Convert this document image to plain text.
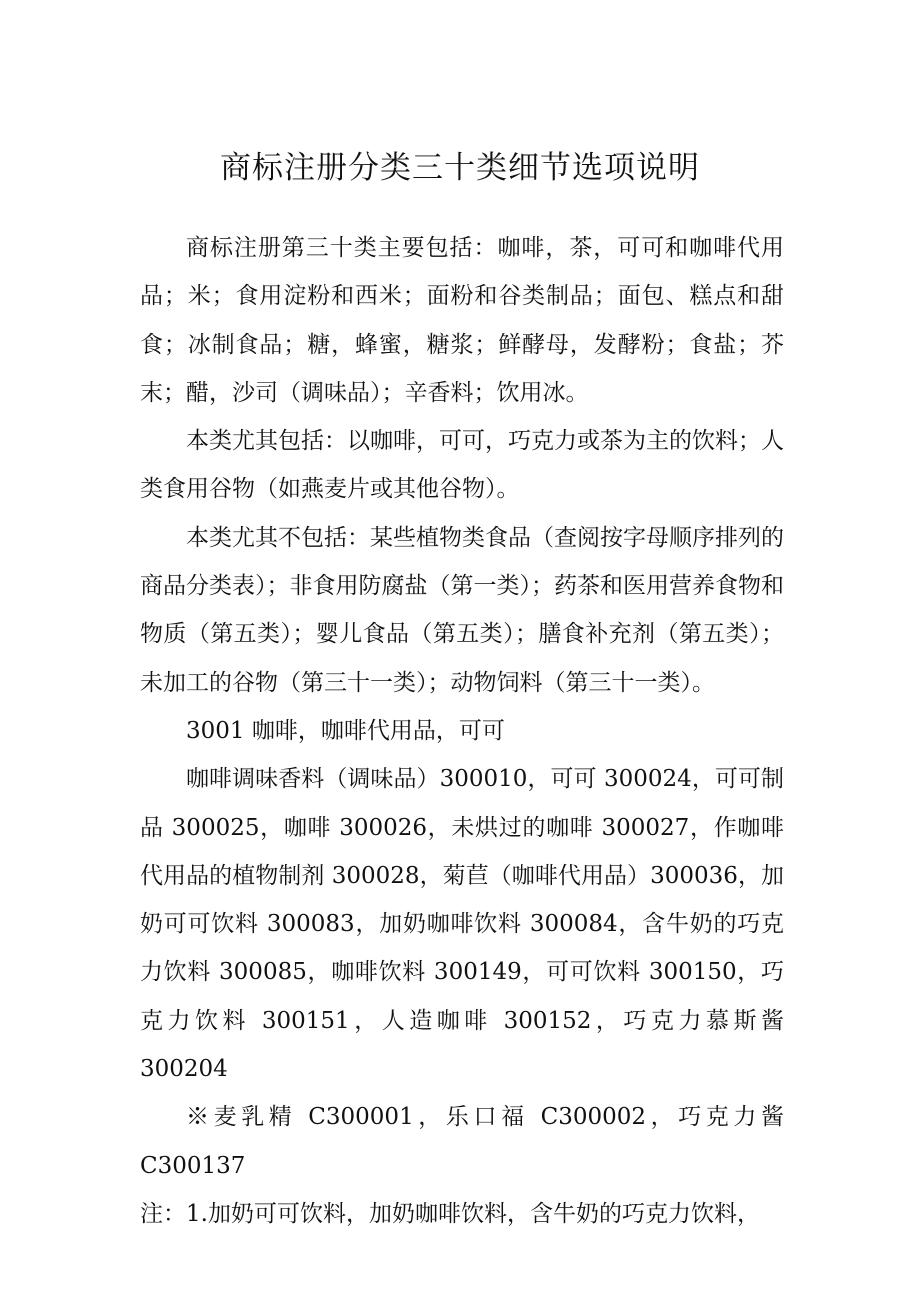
商标注册分类三十类细节选项说明

商标注册第三十类主要包括：咖啡，茶，可可和咖啡代用品；米；食用淀粉和西米；面粉和谷类制品；面包、糕点和甜食；冰制食品；糖，蜂蜜，糖浆；鲜酵母，发酵粉；食盐；芥末；醋，沙司（调味品）；辛香料；饮用冰。

本类尤其包括：以咖啡，可可，巧克力或茶为主的饮料；人类食用谷物（如燕麦片或其他谷物）。

本类尤其不包括：某些植物类食品（查阅按字母顺序排列的商品分类表）；非食用防腐盐（第一类）；药茶和医用营养食物和物质（第五类）；婴儿食品（第五类）；膳食补充剂（第五类）；未加工的谷物（第三十一类）；动物饲料（第三十一类）。

3001 咖啡，咖啡代用品，可可

咖啡调味香料（调味品）300010，可可 300024，可可制品 300025，咖啡 300026，未烘过的咖啡 300027，作咖啡代用品的植物制剂 300028，菊苣（咖啡代用品）300036，加奶可可饮料 300083，加奶咖啡饮料 300084，含牛奶的巧克力饮料 300085，咖啡饮料 300149，可可饮料 300150，巧克力饮料 300151，人造咖啡 300152，巧克力慕斯酱 300204

※麦乳精 C300001，乐口福 C300002，巧克力酱 C300137

注：1.加奶可可饮料，加奶咖啡饮料，含牛奶的巧克力饮料，
